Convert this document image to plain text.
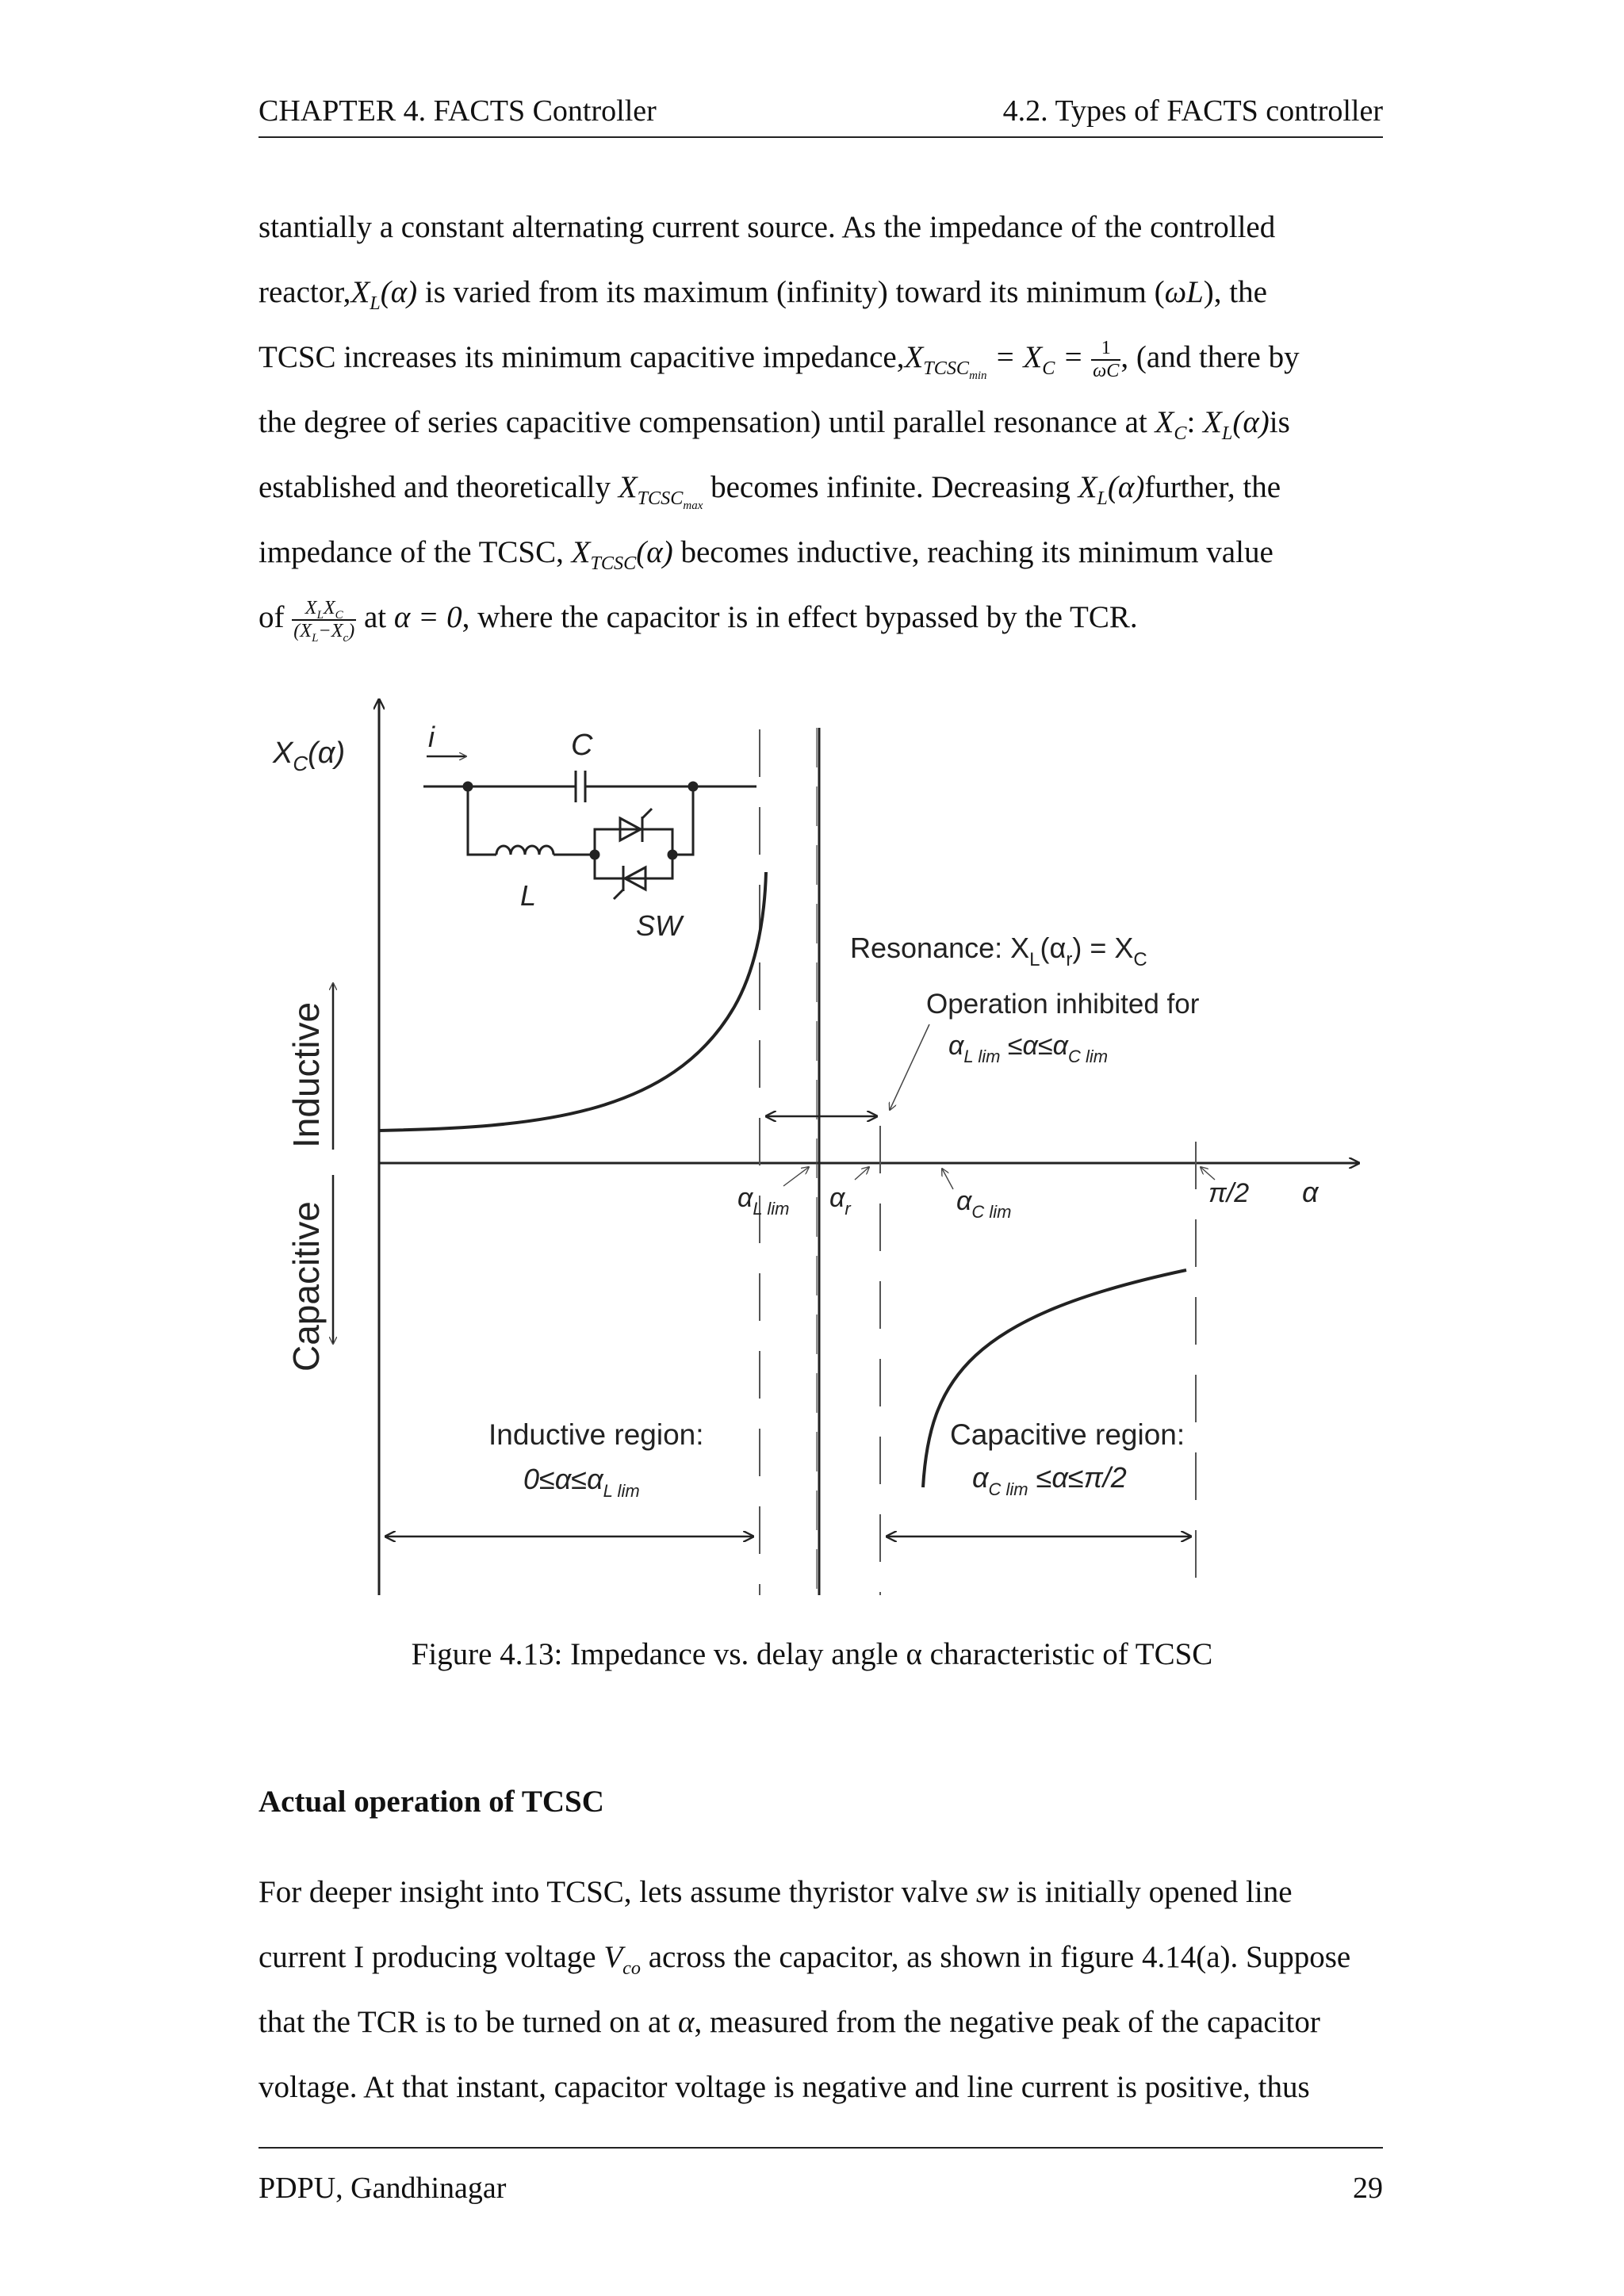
CHAPTER 4. FACTS Controller	4.2. Types of FACTS controller

stantially a constant alternating current source. As the impedance of the controlled

$reactor,X_L(\alpha)$ is varied from its maximum (infinity) toward its minimum (ωL), the

TCSC increases its minimum capacitive $impedance,X_{TCSC_{min}} = X_C = \frac{1}{\omega C}$ , (and there by

the degree of series capacitive compensation) until parallel resonance at $X_C$: $X_L(\alpha)is$

established and theoretically $X_{TCSC_{max}}$ becomes infinite. Decreasing $X_L(\alpha)further$, the

impedance of the TCSC, $X_{TCSC}(\alpha)$ becomes inductive, reaching its minimum value

of $\frac{X_LX_C}{(X_L-X_c)}$ at α = 0, where the capacitor is in effect bypassed by the TCR.

$X_C(\alpha)$	i	C
L
SW
Inductive
Capacitive
Resonance: $X_L(\alpha_r) = X_C$
Operation inhibited for
$\alpha_{L lim} \le\alpha\le\alpha_{C lim}$
$\alpha_{L lim}$ $\alpha_r$	$\alpha_{C lim}$
π/2 α
Inductive region:
$0\le\alpha\le\alpha_{L lim}$
Capacitive region:
$\alpha_{C lim} \le\alpha\le\pi/2$
Figure 4.13: Impedance vs. delay angle α characteristic of TCSC
Actual operation of TCSC

For deeper insight into TCSC, lets assume thyristor valve sw is initially opened line

current I producing voltage $V_{co}$ across the capacitor, as shown in figure 4.14(a). Suppose

that the TCR is to be turned on at α, measured from the negative peak of the capacitor

voltage. At that instant, capacitor voltage is negative and line current is positive, thus

PDPU, Gandhinagar	29
